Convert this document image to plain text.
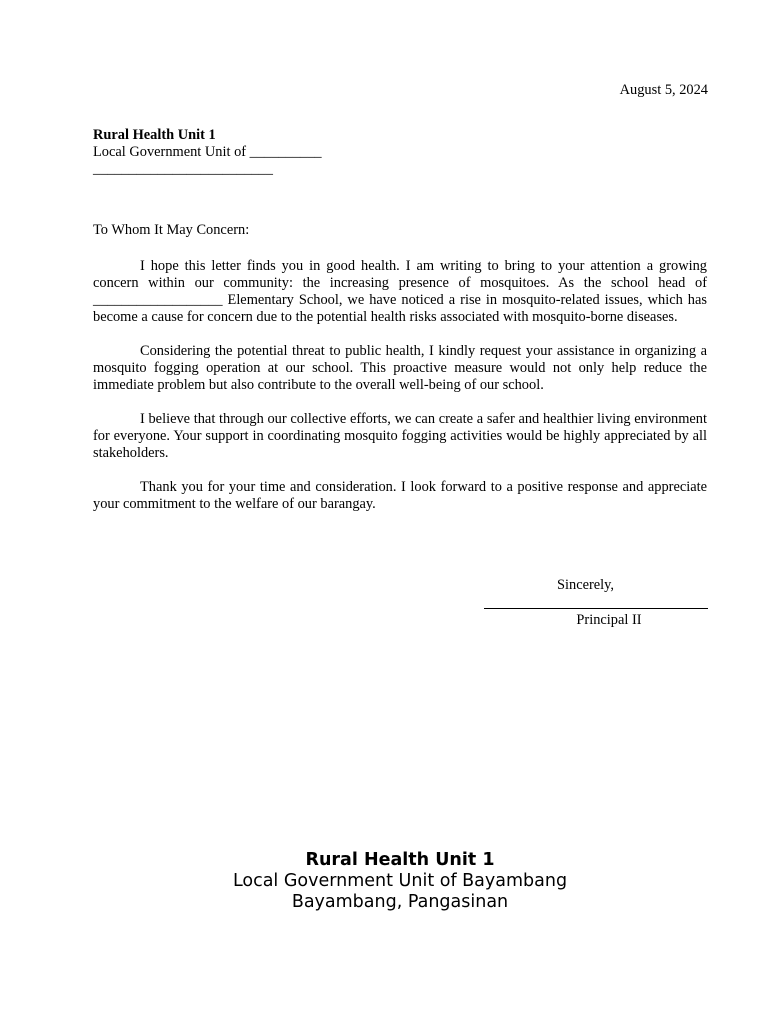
August 5, 2024
Rural Health Unit 1
Local Government Unit of __________
_________________________
To Whom It May Concern:

I hope this letter finds you in good health. I am writing to bring to your attention a growing concern within our community: the increasing presence of mosquitoes. As the school head of __________________ Elementary School, we have noticed a rise in mosquito-related issues, which has become a cause for concern due to the potential health risks associated with mosquito-borne diseases.

Considering the potential threat to public health, I kindly request your assistance in organizing a mosquito fogging operation at our school. This proactive measure would not only help reduce the immediate problem but also contribute to the overall well-being of our school.

I believe that through our collective efforts, we can create a safer and healthier living environment for everyone. Your support in coordinating mosquito fogging activities would be highly appreciated by all stakeholders.

Thank you for your time and consideration. I look forward to a positive response and appreciate your commitment to the welfare of our barangay.

Sincerely,
Principal II
Rural Health Unit 1
Local Government Unit of Bayambang
Bayambang, Pangasinan
